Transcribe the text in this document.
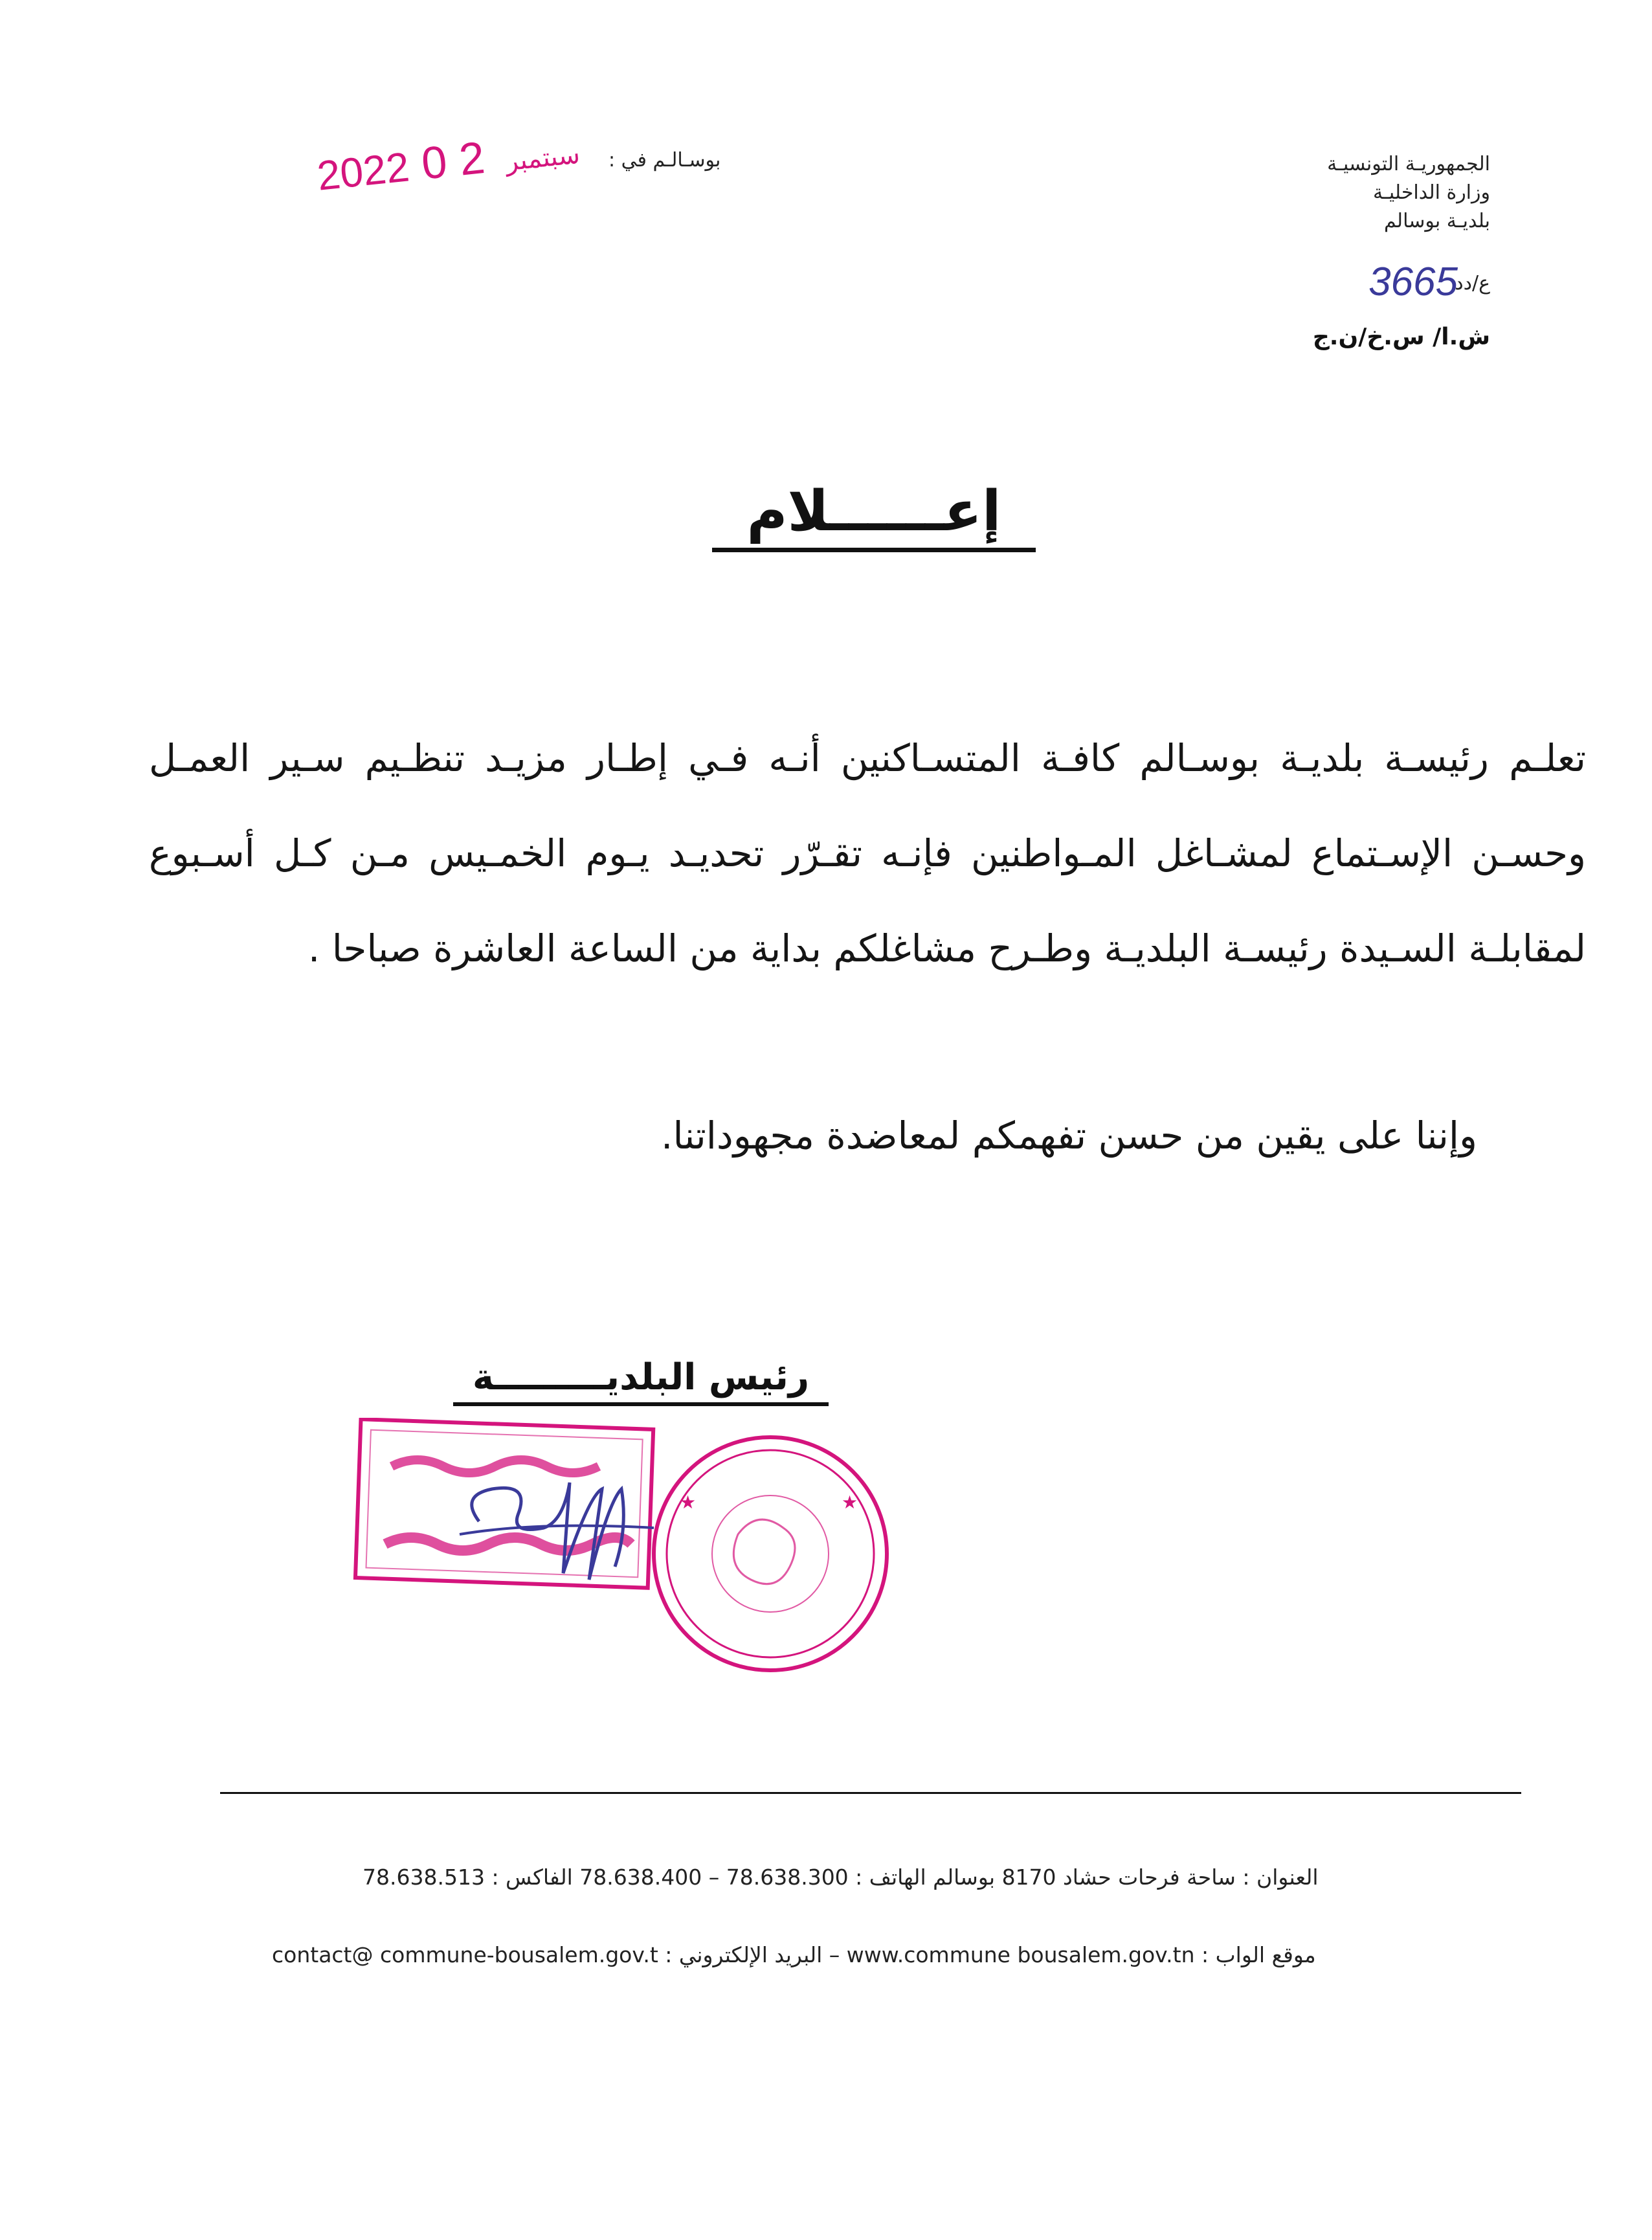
الجمهوريـة التونسيـة
وزارة الداخليـة
بلديـة بوسالم
ع/دد
3665
ش.ا/ س.خ/ن.ج
بوسـالـم في :
2022	سبتمبر2 0
إعــــــلام

تعلـم رئيسـة بلديـة بوسـالم كافـة المتسـاكنين أنـه فـي إطـار مزيـد تنظـيم سـير العمـل وحسـن الإسـتماع لمشـاغل المـواطنين فإنـه تقـرّر تحديـد يـوم الخمـيس مـن كـل أسـبوع لمقابلـة السـيدة رئيسـة البلديـة وطـرح مشاغلكم بداية من الساعة العاشرة صباحا .

وإننا على يقين من حسن تفهمكم لمعاضدة مجهوداتنا.
رئيس البلديـــــــــة
★
★
العنوان : ساحة فرحات حشاد 8170 بوسالم الهاتف : 78.638.300 – 78.638.400 الفاكس : 78.638.513
موقع الواب : www.commune bousalem.gov.tn – البريد الإلكتروني : contact@ commune-bousalem.gov.t
